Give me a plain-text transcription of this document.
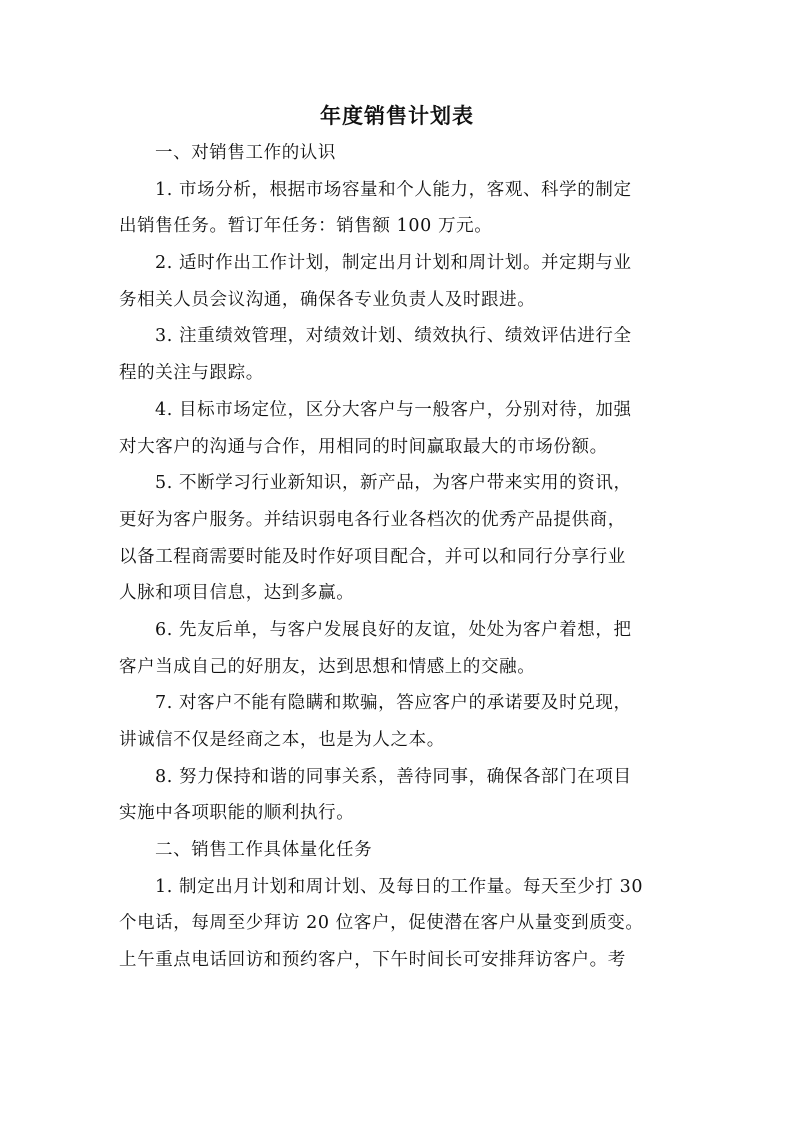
年度销售计划表
一、对销售工作的认识
1. 市场分析，根据市场容量和个人能力，客观、科学的制定
出销售任务。暂订年任务：销售额 100 万元。
2. 适时作出工作计划，制定出月计划和周计划。并定期与业
务相关人员会议沟通，确保各专业负责人及时跟进。
3. 注重绩效管理，对绩效计划、绩效执行、绩效评估进行全
程的关注与跟踪。
4. 目标市场定位，区分大客户与一般客户，分别对待，加强
对大客户的沟通与合作，用相同的时间赢取最大的市场份额。
5. 不断学习行业新知识，新产品，为客户带来实用的资讯，
更好为客户服务。并结识弱电各行业各档次的优秀产品提供商，
以备工程商需要时能及时作好项目配合，并可以和同行分享行业
人脉和项目信息，达到多赢。
6. 先友后单，与客户发展良好的友谊，处处为客户着想，把
客户当成自己的好朋友，达到思想和情感上的交融。
7. 对客户不能有隐瞒和欺骗，答应客户的承诺要及时兑现，
讲诚信不仅是经商之本，也是为人之本。
8. 努力保持和谐的同事关系，善待同事，确保各部门在项目
实施中各项职能的顺利执行。
二、销售工作具体量化任务
1. 制定出月计划和周计划、及每日的工作量。每天至少打 30
个电话，每周至少拜访 20 位客户，促使潜在客户从量变到质变。
上午重点电话回访和预约客户，下午时间长可安排拜访客户。考
